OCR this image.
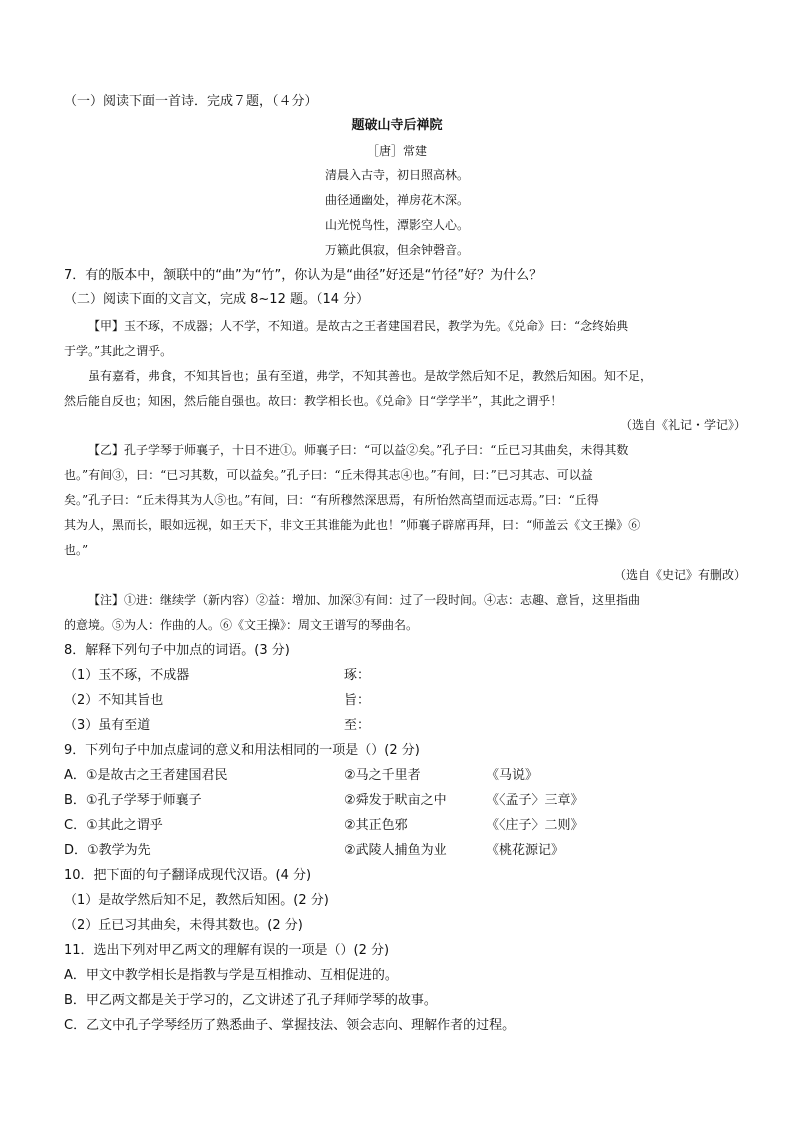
（一）阅读下面一首诗．完成７题，（４分）
题破山寺后禅院
［唐］常建
清晨入古寺，初日照高林。
曲径通幽处，禅房花木深。
山光悦鸟性，潭影空人心。
万籁此俱寂，但余钟磬音。
7．有的版本中，颔联中的“曲”为“竹”，你认为是“曲径”好还是“竹径”好？为什么？
（二）阅读下面的文言文，完成 8~12 题。（14 分）
【甲】玉不琢，不成器；人不学，不知道。是故古之王者建国君民，教学为先。《兑命》曰：“念终始典
于学。”其此之谓乎。
虽有嘉肴，弗食，不知其旨也；虽有至道，弗学，不知其善也。是故学然后知不足，教然后知困。知不足，
然后能自反也；知困，然后能自强也。故曰：教学相长也。《兑命》日“学学半”，其此之谓乎！
（选自《礼记・学记》）
【乙】孔子学琴于师襄子，十日不进①。师襄子曰：“可以益②矣。”孔子曰：“丘已习其曲矣，未得其数
也。”有间③，曰：“已习其数，可以益矣。”孔子曰：“丘未得其志④也。”有间，曰：”已习其志、可以益
矣。”孔子曰：“丘未得其为人⑤也。”有间，曰：“有所穆然深思焉，有所怡然高望而远志焉。”曰：“丘得
其为人，黑而长，眼如远视，如王天下，非文王其谁能为此也！”师襄子辟席再拜，曰：“师盖云《文王操》⑥
也。”
（选自《史记》有删改）
【注】①进：继续学（新内容）②益：增加、加深③有间：过了一段时间。④志：志趣、意旨，这里指曲
的意境。⑤为人：作曲的人。⑥《文王操》：周文王谱写的琴曲名。
8．解释下列句子中加点的词语。(3 分)
（1）玉不琢，不成器	琢：
（2）不知其旨也	旨：
（3）虽有至道	至：
9．下列句子中加点虚词的意义和用法相同的一项是（）(2 分)
A．①是故古之王者建国君民	②马之千里者	《马说》
B．①孔子学琴于师襄子	②舜发于畎亩之中	《〈孟子〉三章》
C．①其此之谓乎	②其正色邪	《〈庄子〉二则》
D．①教学为先	②武陵人捕鱼为业	《桃花源记》
10．把下面的句子翻译成现代汉语。(4 分)
（1）是故学然后知不足，教然后知困。(2 分)
（2）丘已习其曲矣，未得其数也。(2 分)
11．选出下列对甲乙两文的理解有误的一项是（）(2 分)
A．甲文中教学相长是指教与学是互相推动、互相促进的。
B．甲乙两文都是关于学习的，乙文讲述了孔子拜师学琴的故事。
C．乙文中孔子学琴经历了熟悉曲子、掌握技法、领会志向、理解作者的过程。
